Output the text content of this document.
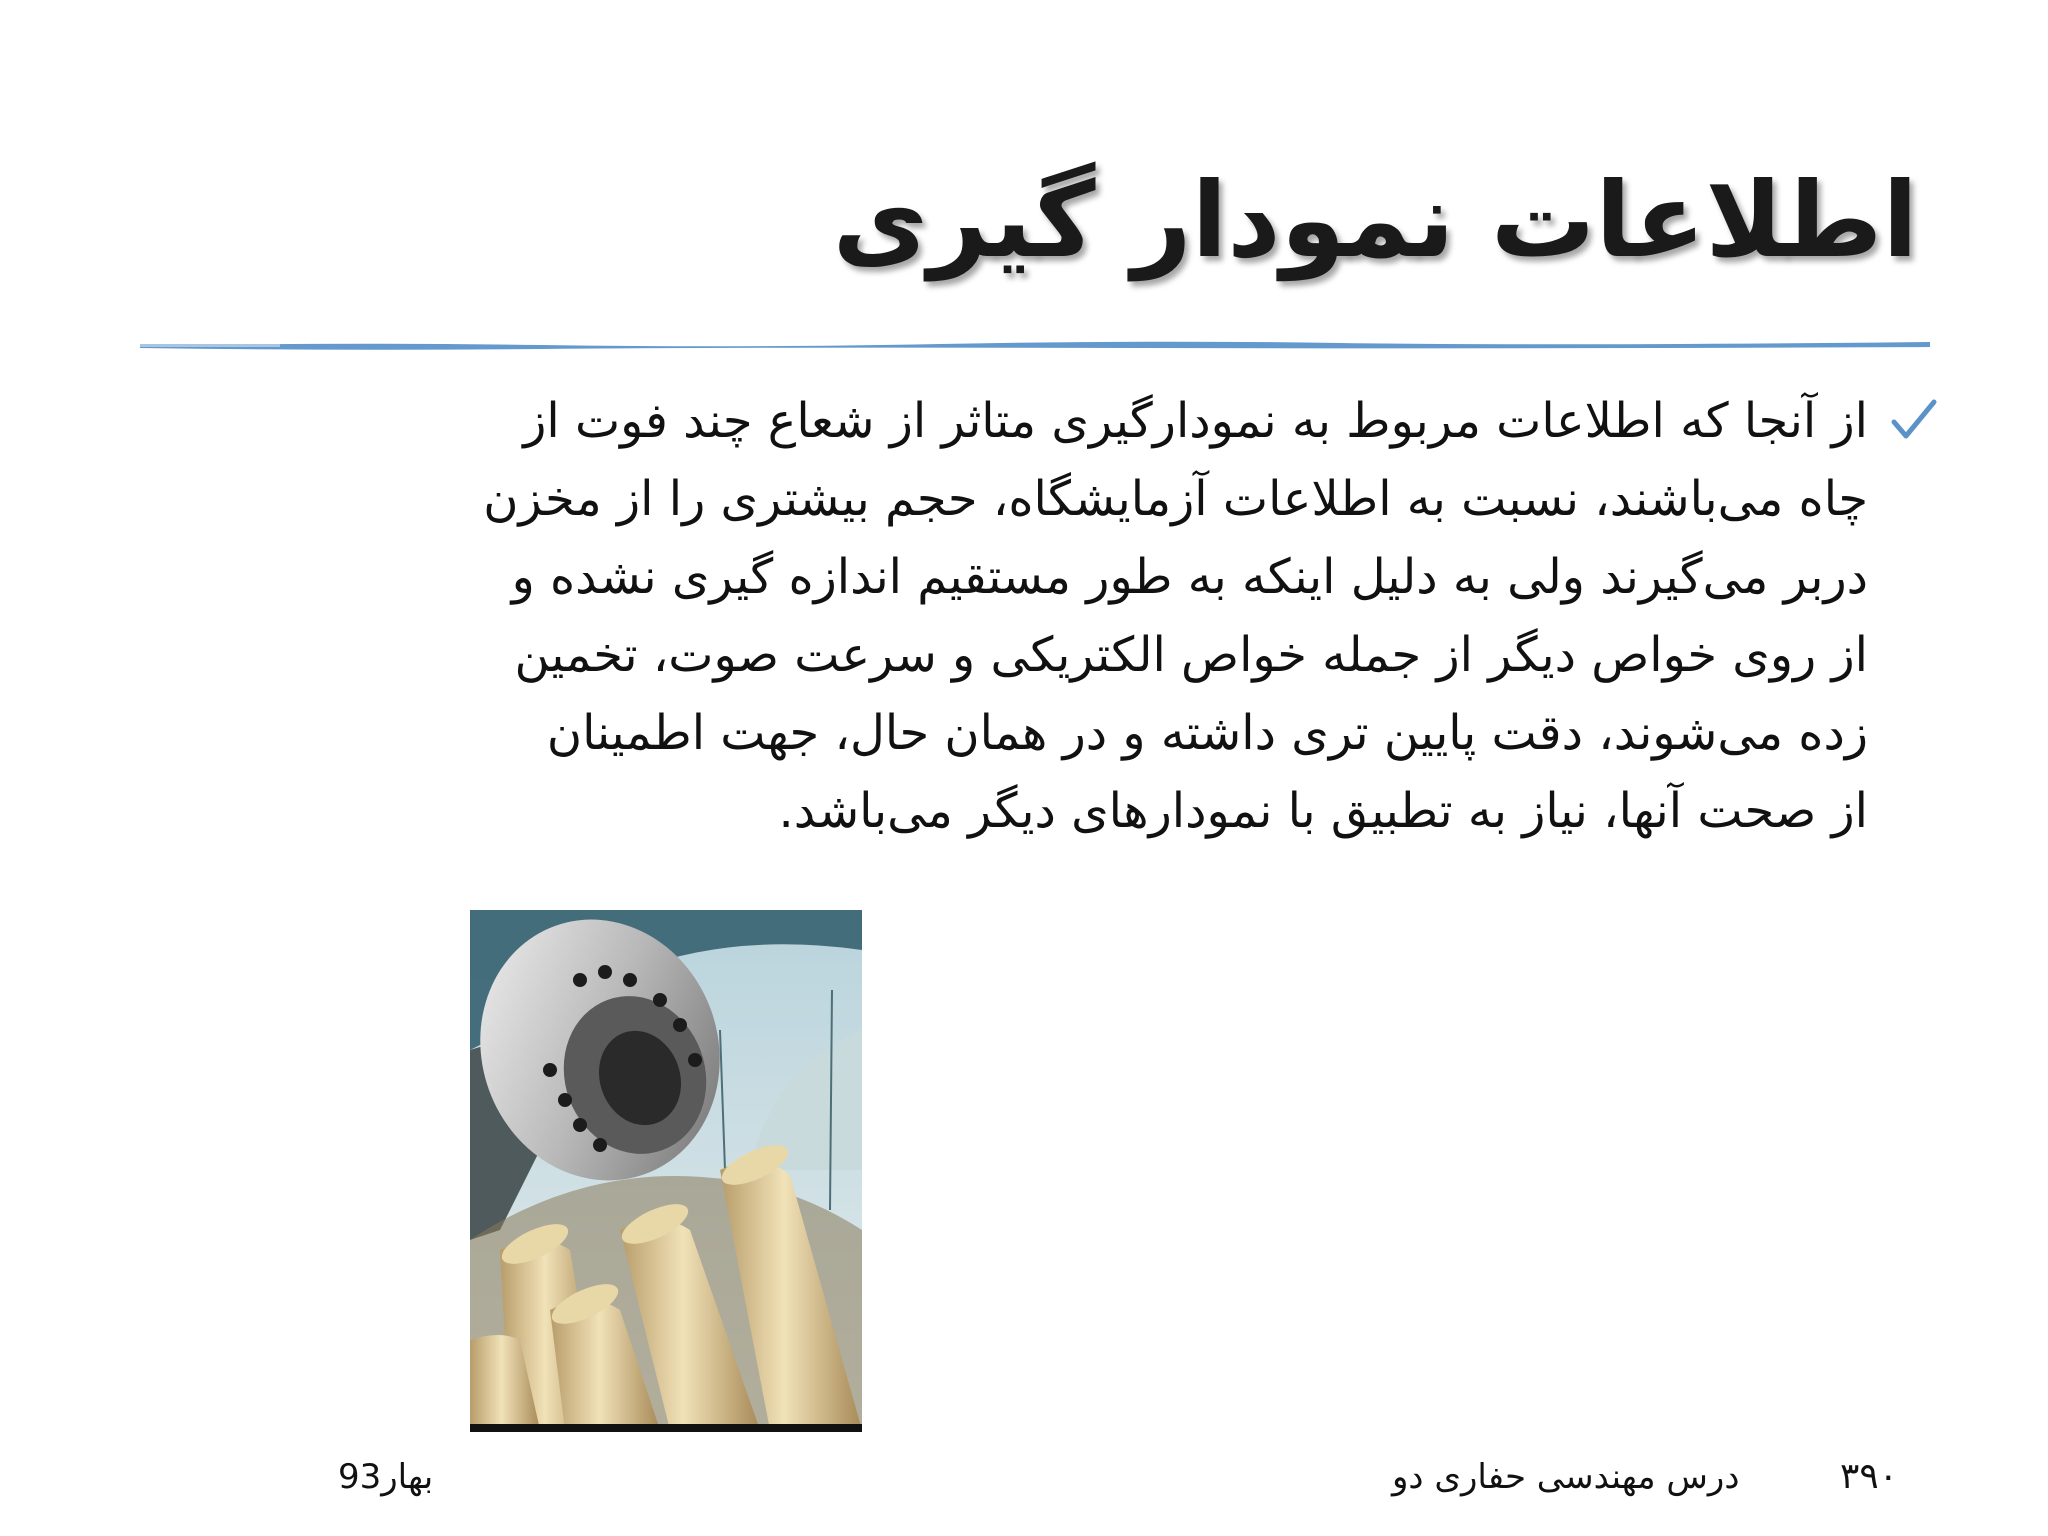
اطلاعات نمودار گیری
از آنجا که اطلاعات مربوط به نمودارگیری متاثر از شعاع چند فوت از
چاه می‌باشند، نسبت به اطلاعات آزمایشگاه، حجم بیشتری را از مخزن
دربر می‌گیرند ولی به دلیل اینکه به طور مستقیم اندازه گیری نشده و
از روی خواص دیگر از جمله خواص الکتریکی و سرعت صوت، تخمین
زده می‌شوند، دقت پایین تری داشته و در همان حال، جهت اطمینان
از صحت آنها، نیاز به تطبیق با نمودارهای دیگر می‌باشد.
بهار93	درس مهندسی حفاری دو	۳۹۰
